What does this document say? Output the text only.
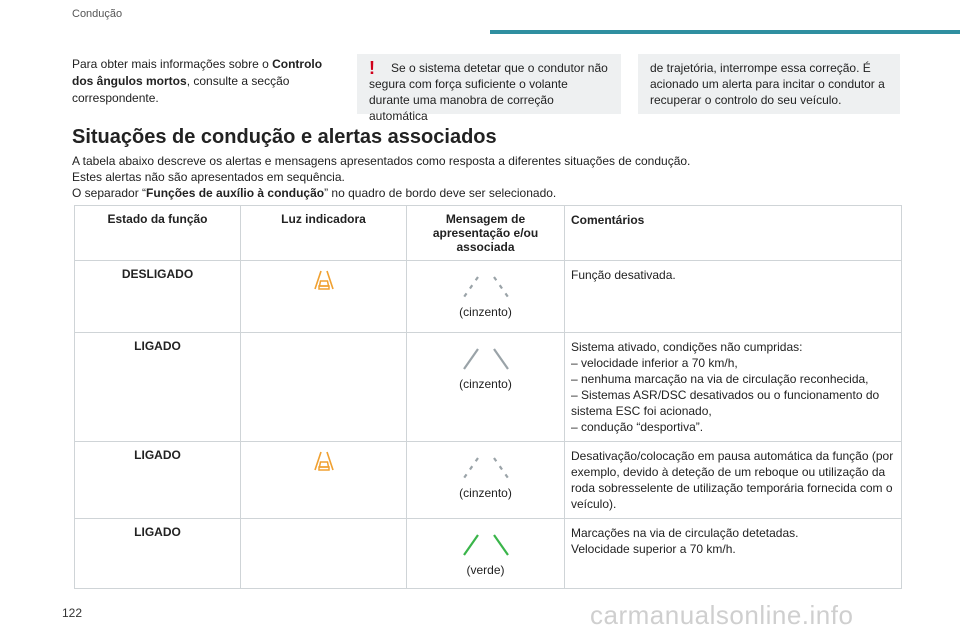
Condução
Para obter mais informações sobre o Controlo dos ângulos mortos, consulte a secção correspondente.
!	Se o sistema detetar que o condutor não segura com força suficiente o volante durante uma manobra de correção automática
de trajetória, interrompe essa correção. É acionado um alerta para incitar o condutor a recuperar o controlo do seu veículo.
Situações de condução e alertas associados
A tabela abaixo descreve os alertas e mensagens apresentados como resposta a diferentes situações de condução.
Estes alertas não são apresentados em sequência.
O separador “Funções de auxílio à condução” no quadro de bordo deve ser selecionado.
Estado da função	Luz indicadora	Mensagem de apresentação e/ou associada	Comentários
DESLIGADO		(cinzento)	Função desativada.

LIGADO		(cinzento)	Sistema ativado, condições não cumpridas:
– velocidade inferior a 70 km/h,
– nenhuma marcação na via de circulação reconhecida,
– Sistemas ASR/DSC desativados ou o funcionamento do sistema ESC foi acionado,
– condução “desportiva”.

LIGADO		(cinzento)	Desativação/colocação em pausa automática da função (por exemplo, devido à deteção de um reboque ou utilização da roda sobresselente de utilização temporária fornecida com o veículo).

LIGADO		(verde)	Marcações na via de circulação detetadas.
Velocidade superior a 70 km/h.
122	carmanualsonline.info
